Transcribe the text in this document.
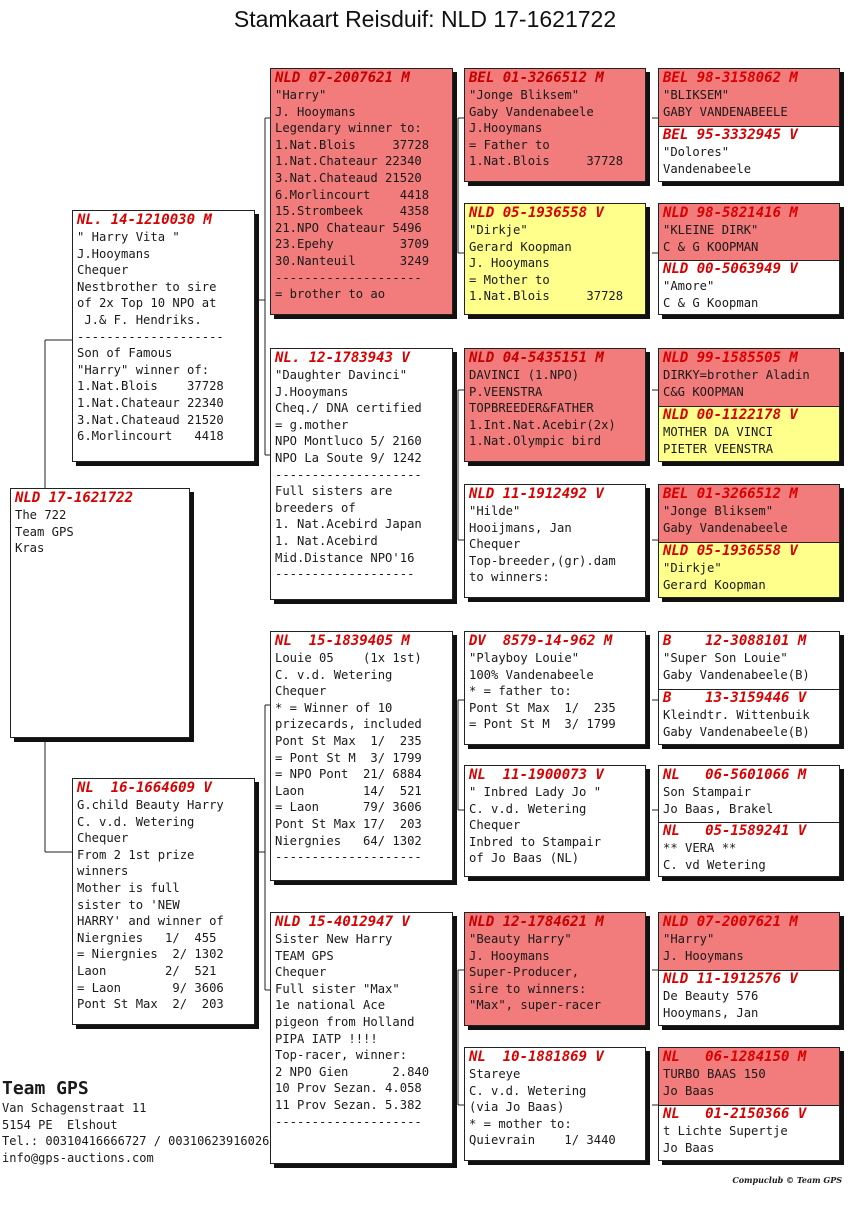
Stamkaart Reisduif: NLD 17-1621722
NLD 17-1621722
The 722
Team GPS
Kras
NL. 14-1210030 M
" Harry Vita "
J.Hooymans
Chequer
Nestbrother to sire
of 2x Top 10 NPO at
J.& F. Hendriks.
--------------------
Son of Famous
"Harry" winner of:
1.Nat.Blois    37728
1.Nat.Chateaur 22340
3.Nat.Chateaud 21520
6.Morlincourt   4418
NL  16-1664609 V
G.child Beauty Harry
C. v.d. Wetering
Chequer
From 2 1st prize
winners
Mother is full
sister to 'NEW
HARRY' and winner of
Niergnies   1/  455
= Niergnies  2/ 1302
Laon        2/  521
= Laon       9/ 3606
Pont St Max  2/  203
NLD 07-2007621 M
"Harry"
J. Hooymans
Legendary winner to:
1.Nat.Blois     37728
1.Nat.Chateaur 22340
3.Nat.Chateaud 21520
6.Morlincourt    4418
15.Strombeek     4358
21.NPO Chateaur 5496
23.Epehy         3709
30.Nanteuil      3249
--------------------
= brother to ao
NL. 12-1783943 V
"Daughter Davinci"
J.Hooymans
Cheq./ DNA certified
= g.mother
NPO Montluco 5/ 2160
NPO La Soute 9/ 1242
--------------------
Full sisters are
breeders of
1. Nat.Acebird Japan
1. Nat.Acebird
Mid.Distance NPO'16
-------------------
NL  15-1839405 M
Louie 05    (1x 1st)
C. v.d. Wetering
Chequer
* = Winner of 10
prizecards, included
Pont St Max  1/  235
= Pont St M  3/ 1799
= NPO Pont  21/ 6884
Laon        14/  521
= Laon      79/ 3606
Pont St Max 17/  203
Niergnies   64/ 1302
--------------------
NLD 15-4012947 V
Sister New Harry
TEAM GPS
Chequer
Full sister "Max"
1e national Ace
pigeon from Holland
PIPA IATP !!!!
Top-racer, winner:
2 NPO Gien      2.840
10 Prov Sezan. 4.058
11 Prov Sezan. 5.382
--------------------
BEL 01-3266512 M
"Jonge Bliksem"
Gaby Vandenabeele
J.Hooymans
= Father to
1.Nat.Blois     37728
NLD 05-1936558 V
"Dirkje"
Gerard Koopman
J. Hooymans
= Mother to
1.Nat.Blois     37728
NLD 04-5435151 M
DAVINCI (1.NPO)
P.VEENSTRA
TOPBREEDER&FATHER
1.Int.Nat.Acebir(2x)
1.Nat.Olympic bird
NLD 11-1912492 V
"Hilde"
Hooijmans, Jan
Chequer
Top-breeder,(gr).dam
to winners:
DV  8579-14-962 M
"Playboy Louie"
100% Vandenabeele
* = father to:
Pont St Max  1/  235
= Pont St M  3/ 1799
NL  11-1900073 V
" Inbred Lady Jo "
C. v.d. Wetering
Chequer
Inbred to Stampair
of Jo Baas (NL)
NLD 12-1784621 M
"Beauty Harry"
J. Hooymans
Super-Producer,
sire to winners:
"Max", super-racer
NL  10-1881869 V
Stareye
C. v.d. Wetering
(via Jo Baas)
* = mother to:
Quievrain    1/ 3440
BEL 98-3158062 M
"BLIKSEM"
GABY VANDENABEELE
BEL 95-3332945 V
"Dolores"
Vandenabeele
NLD 98-5821416 M
"KLEINE DIRK"
C & G KOOPMAN
NLD 00-5063949 V
"Amore"
C & G Koopman
NLD 99-1585505 M
DIRKY=brother Aladin
C&G KOOPMAN
NLD 00-1122178 V
MOTHER DA VINCI
PIETER VEENSTRA
BEL 01-3266512 M
"Jonge Bliksem"
Gaby Vandenabeele
NLD 05-1936558 V
"Dirkje"
Gerard Koopman
B    12-3088101 M
"Super Son Louie"
Gaby Vandenabeele(B)
B    13-3159446 V
Kleindtr. Wittenbuik
Gaby Vandenabeele(B)
NL   06-5601066 M
Son Stampair
Jo Baas, Brakel
NL   05-1589241 V
** VERA **
C. vd Wetering
NLD 07-2007621 M
"Harry"
J. Hooymans
NLD 11-1912576 V
De Beauty 576
Hooymans, Jan
NL   06-1284150 M
TURBO BAAS 150
Jo Baas
NL   01-2150366 V
t Lichte Supertje
Jo Baas
Team GPS
Van Schagenstraat 11
5154 PE  Elshout
Tel.: 00310416666727 / 00310623916026
info@gps-auctions.com
Compuclub © Team GPS
